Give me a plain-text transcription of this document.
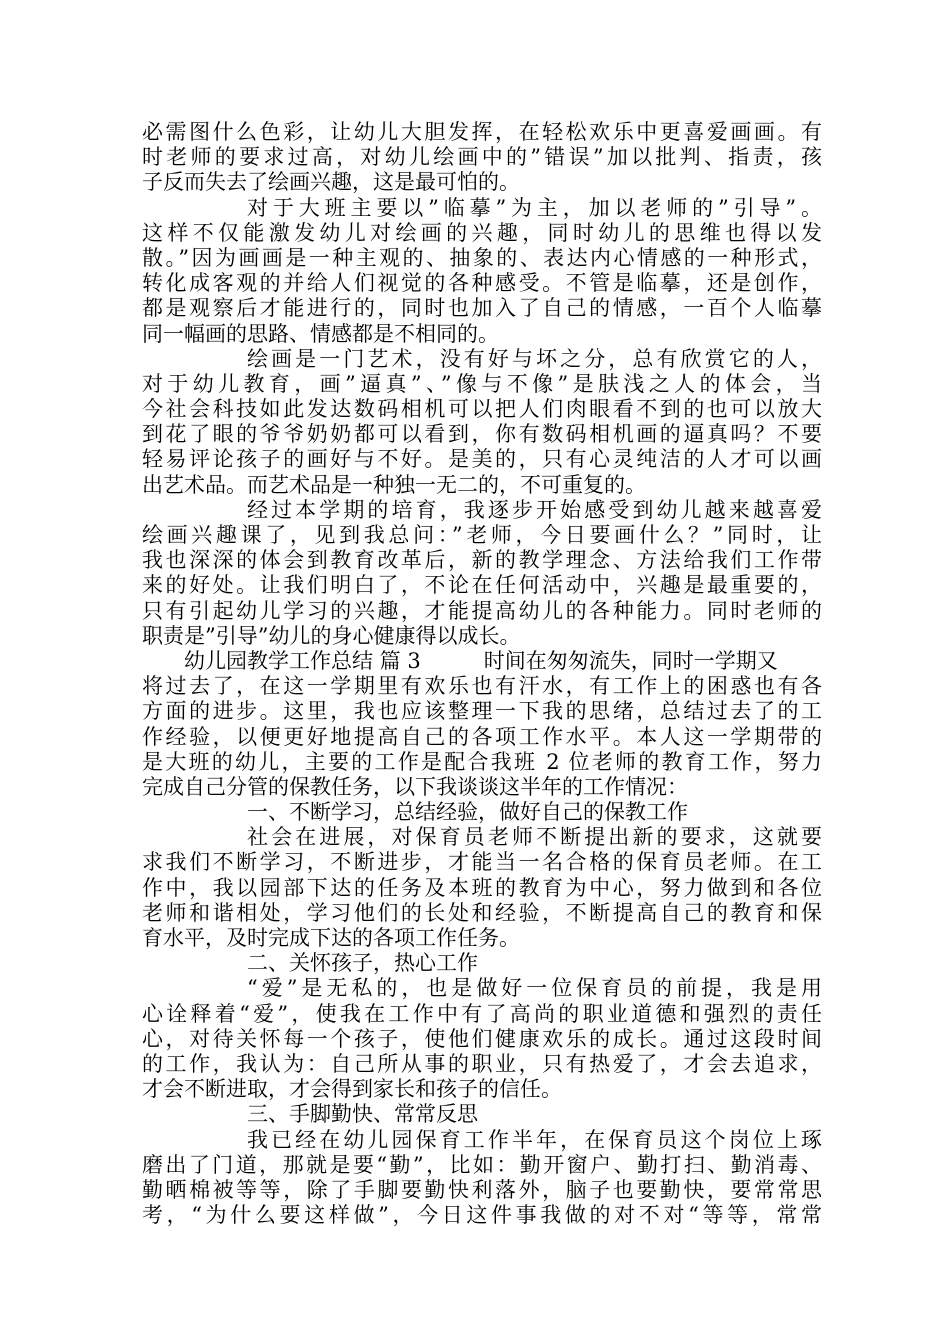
必需图什么色彩，让幼儿大胆发挥，在轻松欢乐中更喜爱画画。有
时老师的要求过高，对幼儿绘画中的”错误”加以批判、指责，孩
子反而失去了绘画兴趣，这是最可怕的。
对于大班主要以”临摹”为主，加以老师的”引导”。
这样不仅能激发幼儿对绘画的兴趣，同时幼儿的思维也得以发
散。”因为画画是一种主观的、抽象的、表达内心情感的一种形式，
转化成客观的并给人们视觉的各种感受。不管是临摹，还是创作，
都是观察后才能进行的，同时也加入了自己的情感，一百个人临摹
同一幅画的思路、情感都是不相同的。
绘画是一门艺术，没有好与坏之分，总有欣赏它的人，
对于幼儿教育，画”逼真”、”像与不像”是肤浅之人的体会，当
今社会科技如此发达数码相机可以把人们肉眼看不到的也可以放大
到花了眼的爷爷奶奶都可以看到，你有数码相机画的逼真吗？不要
轻易评论孩子的画好与不好。是美的，只有心灵纯洁的人才可以画
出艺术品。而艺术品是一种独一无二的，不可重复的。
经过本学期的培育，我逐步开始感受到幼儿越来越喜爱
绘画兴趣课了，见到我总问：”老师，今日要画什么？”同时，让
我也深深的体会到教育改革后，新的教学理念、方法给我们工作带
来的好处。让我们明白了，不论在任何活动中，兴趣是最重要的，
只有引起幼儿学习的兴趣，才能提高幼儿的各种能力。同时老师的
职责是”引导”幼儿的身心健康得以成长。
幼儿园教学工作总结 篇 3	时间在匆匆流失，同时一学期又
将过去了，在这一学期里有欢乐也有汗水，有工作上的困惑也有各
方面的进步。这里，我也应该整理一下我的思绪，总结过去了的工
作经验，以便更好地提高自己的各项工作水平。本人这一学期带的
是大班的幼儿，主要的工作是配合我班 2 位老师的教育工作，努力
完成自己分管的保教任务，以下我谈谈这半年的工作情况：
一、不断学习，总结经验，做好自己的保教工作
社会在进展，对保育员老师不断提出新的要求，这就要
求我们不断学习，不断进步，才能当一名合格的保育员老师。在工
作中，我以园部下达的任务及本班的教育为中心，努力做到和各位
老师和谐相处，学习他们的长处和经验，不断提高自己的教育和保
育水平，及时完成下达的各项工作任务。
二、关怀孩子，热心工作
“爱”是无私的，也是做好一位保育员的前提，我是用
心诠释着“爱”，使我在工作中有了高尚的职业道德和强烈的责任
心，对待关怀每一个孩子，使他们健康欢乐的成长。通过这段时间
的工作，我认为：自己所从事的职业，只有热爱了，才会去追求，
才会不断进取，才会得到家长和孩子的信任。
三、手脚勤快、常常反思
我已经在幼儿园保育工作半年，在保育员这个岗位上琢
磨出了门道，那就是要“勤”，比如：勤开窗户、勤打扫、勤消毒、
勤晒棉被等等，除了手脚要勤快利落外，脑子也要勤快，要常常思
考，“为什么要这样做”，今日这件事我做的对不对“等等，常常
